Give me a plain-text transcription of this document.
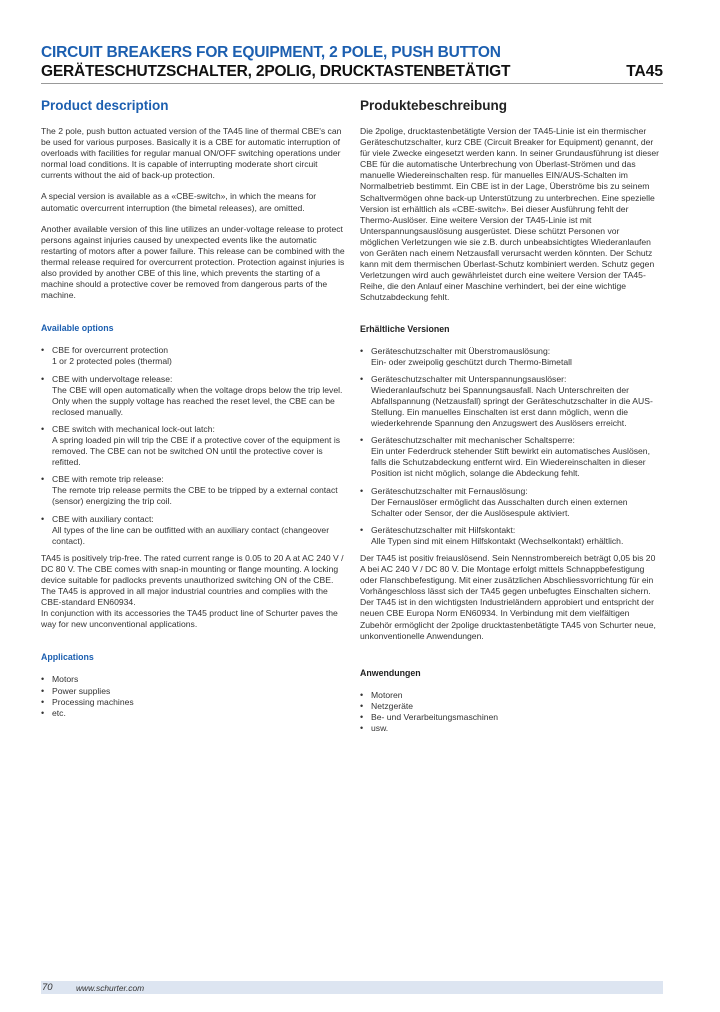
CIRCUIT BREAKERS FOR EQUIPMENT, 2 POLE, PUSH BUTTON
GERÄTESCHUTZSCHALTER, 2POLIG, DRUCKTASTENBETÄTIGT	TA45
Product description

The 2 pole, push button actuated version of the TA45 line of thermal CBE's can be used for various purposes. Basically it is a CBE for automatic interruption of overloads with facilities for regular manual ON/OFF switching operations under normal load conditions. It is capable of interrupting moderate short circuit currents without the aid of back-up protection.

A special version is available as a «CBE-switch», in which the means for automatic overcurrent interruption (the bimetal releases), are omitted.

Another available version of this line utilizes an under-voltage release to protect persons against injuries caused by unexpected events like the automatic restarting of motors after a power failure. This release can be combined with the thermal release required for overcurrent protection. Protection against injuries is also provided by another CBE of this line, which prevents the starting of a machine should a protective cover be removed from dangerous parts of the machine.

Available options
• CBE for overcurrent protection
1 or 2 protected poles (thermal)
• CBE with undervoltage release:
The CBE will open automatically when the voltage drops below the trip level. Only when the supply voltage has reached the reset level, the CBE can be reclosed manually.
• CBE switch with mechanical lock-out latch:
A spring loaded pin will trip the CBE if a protective cover of the equipment is removed. The CBE can not be switched ON until the protective cover is refitted.
• CBE with remote trip release:
The remote trip release permits the CBE to be tripped by a external contact (sensor) energizing the trip coil.
• CBE with auxiliary contact:
All types of the line can be outfitted with an auxiliary contact (changeover contact).

TA45 is positively trip-free. The rated current range is 0.05 to 20 A at AC 240 V / DC 80 V. The CBE comes with snap-in mounting or flange mounting. A locking device suitable for padlocks prevents unauthorized switching ON of the CBE. The TA45 is approved in all major industrial countries and complies with the CBE-standard EN60934.

In conjunction with its accessories the TA45 product line of Schurter paves the way for new unconventional applications.

Applications
• Motors
• Power supplies
• Processing machines
• etc.
Produktebeschreibung

Die 2polige, drucktastenbetätigte Version der TA45-Linie ist ein thermischer Geräteschutzschalter, kurz CBE (Circuit Breaker for Equipment) genannt, der für viele Zwecke eingesetzt werden kann. In seiner Grundausführung ist dieser CBE für die automatische Unterbrechung von Überlast-Strömen und das manuelle Wiedereinschalten resp. für manuelles EIN/AUS-Schalten im Normalbetrieb bestimmt. Ein CBE ist in der Lage, Überströme bis zu seinem Schaltvermögen ohne back-up Unterstützung zu unterbrechen. Eine spezielle Version ist erhältlich als «CBE-switch». Bei dieser Ausführung fehlt der Thermo-Auslöser. Eine weitere Version der TA45-Linie ist mit Unterspannungsauslösung ausgerüstet. Diese schützt Personen vor möglichen Verletzungen wie sie z.B. durch unbeabsichtigtes Wiederanlaufen von Geräten nach einem Netzausfall verursacht werden könnten. Der Schutz kann mit dem thermischen Überlast-Schutz kombiniert werden. Schutz gegen Verletzungen wird auch gewährleistet durch eine weitere Version der TA45-Reihe, die den Anlauf einer Maschine verhindert, bei der eine wichtige Schutzabdeckung fehlt.

Erhältliche Versionen
• Geräteschutzschalter mit Überstromauslösung:
Ein- oder zweipolig geschützt durch Thermo-Bimetall
• Geräteschutzschalter mit Unterspannungsauslöser:
Wiederanlaufschutz bei Spannungsausfall. Nach Unterschreiten der Abfallspannung (Netzausfall) springt der Geräteschutzschalter in die AUS-Stellung. Ein manuelles Einschalten ist erst dann möglich, wenn die wiederkehrende Spannung den Anzugswert des Auslösers erreicht.
• Geräteschutzschalter mit mechanischer Schaltsperre:
Ein unter Federdruck stehender Stift bewirkt ein automatisches Auslösen, falls die Schutzabdeckung entfernt wird. Ein Wiedereinschalten in dieser Position ist nicht möglich, solange die Abdeckung fehlt.
• Geräteschutzschalter mit Fernauslösung:
Der Fernauslöser ermöglicht das Ausschalten durch einen externen Schalter oder Sensor, der die Auslösespule aktiviert.
• Geräteschutzschalter mit Hilfskontakt:
Alle Typen sind mit einem Hilfskontakt (Wechselkontakt) erhältlich.

Der TA45 ist positiv freiauslösend. Sein Nennstrombereich beträgt 0,05 bis 20 A bei AC 240 V / DC 80 V. Die Montage erfolgt mittels Schnappbefestigung oder Flanschbefestigung. Mit einer zusätzlichen Abschliessvorrichtung für ein Vorhängeschloss lässt sich der TA45 gegen unbefugtes Einschalten sichern. Der TA45 ist in den wichtigsten Industrieländern approbiert und entspricht der neuen CBE Europa Norm EN60934. In Verbindung mit dem vielfältigen Zubehör ermöglicht der 2polige drucktastenbetätigte TA45 von Schurter neue, unkonventionelle Anwendungen.

Anwendungen
• Motoren
• Netzgeräte
• Be- und Verarbeitungsmaschinen
• usw.
70	www.schurter.com
